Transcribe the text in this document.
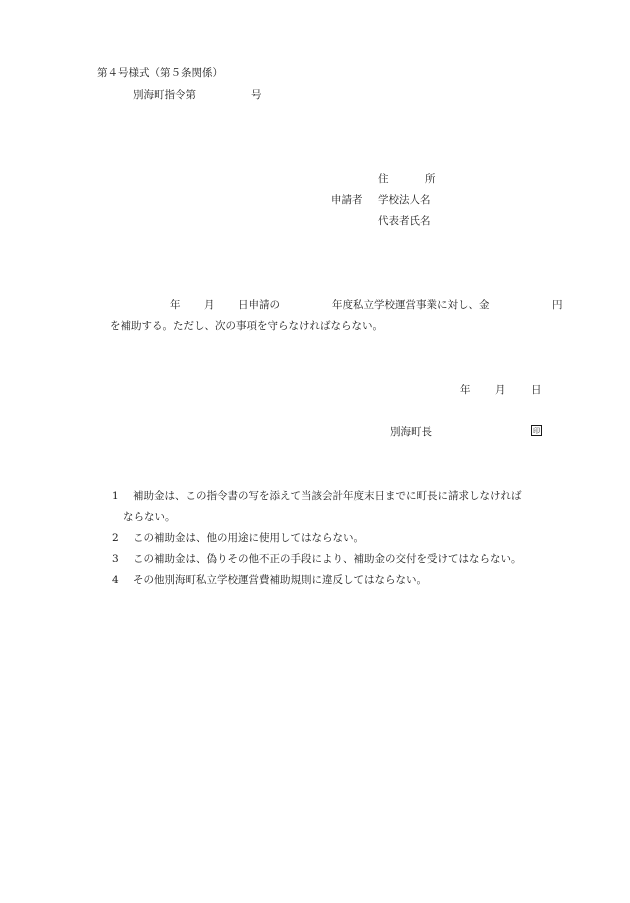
第４号様式（第５条関係）
別海町指令第	号
住	所
申請者 学校法人名
代表者氏名
年 月 日申請の	年度私立学校運営事業に対し、金	円
を補助する。ただし、次の事項を守らなければならない。
年 月 日
別海町長	印
1 補助金は、この指令書の写を添えて当該会計年度末日までに町長に請求しなければ
ならない。
2 この補助金は、他の用途に使用してはならない。
3 この補助金は、偽りその他不正の手段により、補助金の交付を受けてはならない。
4 その他別海町私立学校運営費補助規則に違反してはならない。
